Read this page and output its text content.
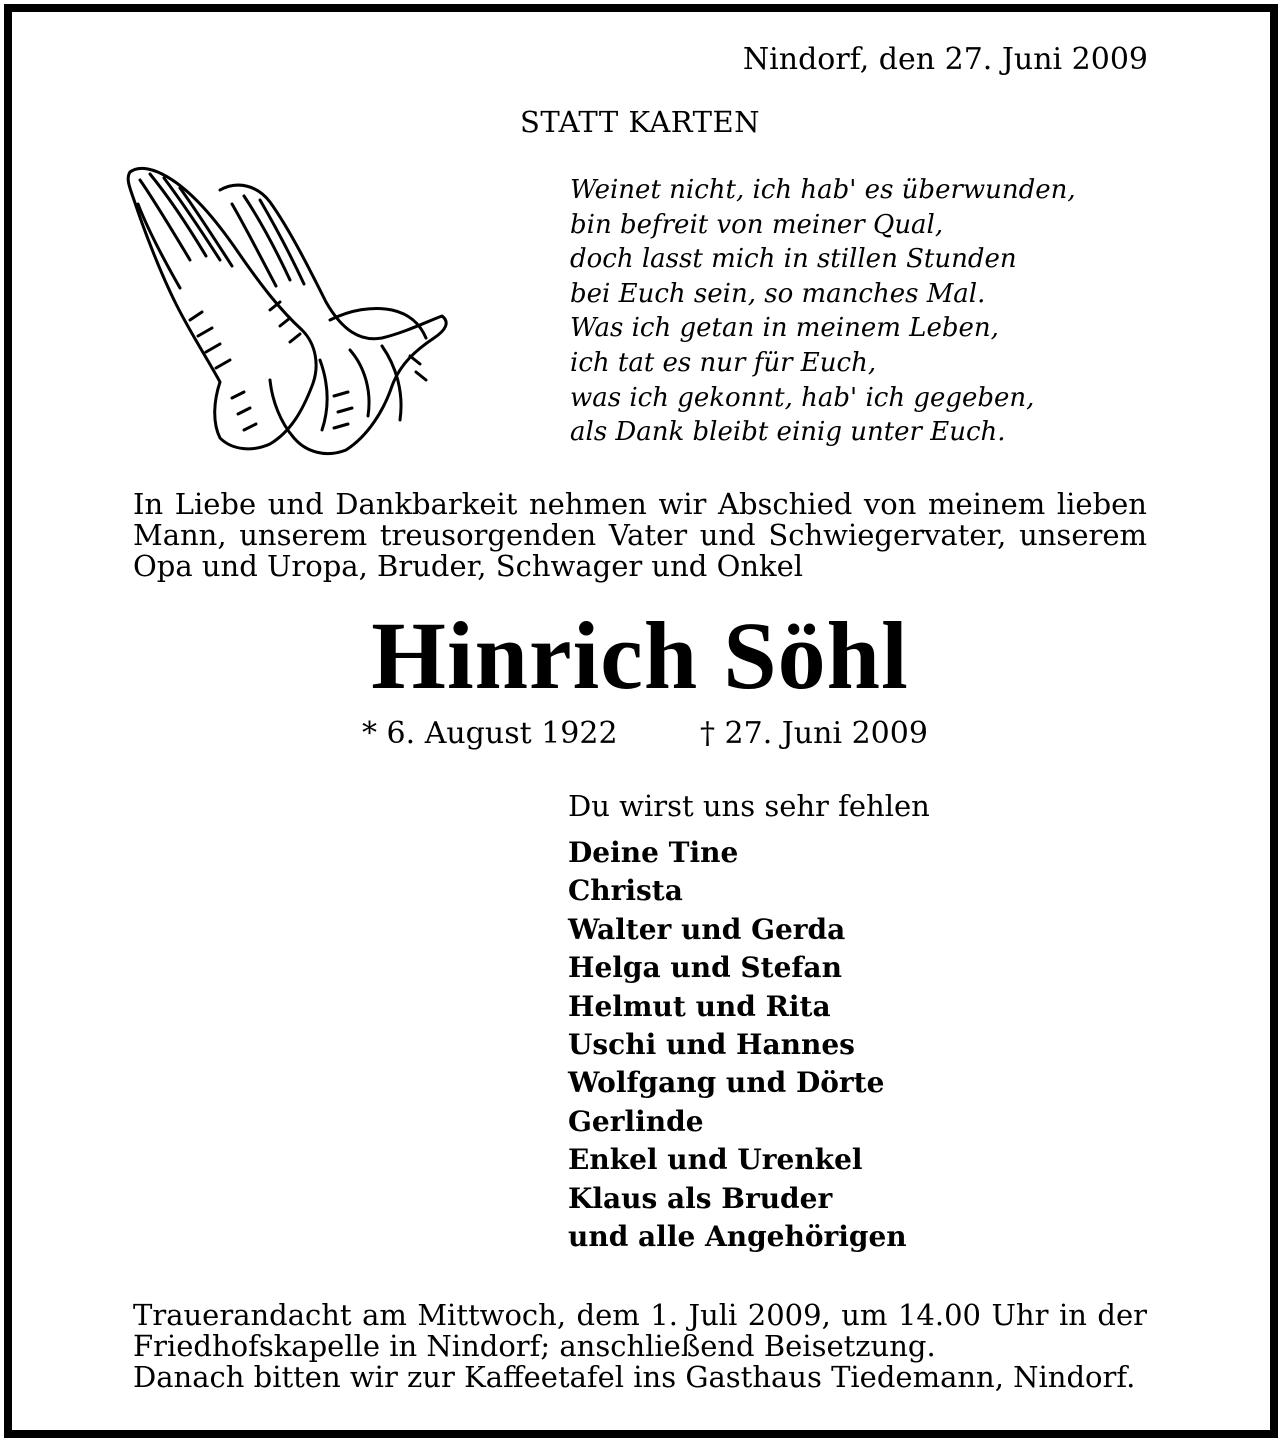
Nindorf, den 27. Juni 2009
STATT KARTEN
Weinet nicht, ich hab' es überwunden,
bin befreit von meiner Qual,
doch lasst mich in stillen Stunden
bei Euch sein, so manches Mal.
Was ich getan in meinem Leben,
ich tat es nur für Euch,
was ich gekonnt, hab' ich gegeben,
als Dank bleibt einig unter Euch.
In Liebe und Dankbarkeit nehmen wir Abschied von meinem lieben
Mann, unserem treusorgenden Vater und Schwiegervater, unserem
Opa und Uropa, Bruder, Schwager und Onkel
Hinrich Söhl
* 6. August 1922	† 27. Juni 2009
Du wirst uns sehr fehlen
Deine Tine
Christa
Walter und Gerda
Helga und Stefan
Helmut und Rita
Uschi und Hannes
Wolfgang und Dörte
Gerlinde
Enkel und Urenkel
Klaus als Bruder
und alle Angehörigen
Trauerandacht am Mittwoch, dem 1. Juli 2009, um 14.00 Uhr in der
Friedhofskapelle in Nindorf; anschließend Beisetzung.
Danach bitten wir zur Kaffeetafel ins Gasthaus Tiedemann, Nindorf.
